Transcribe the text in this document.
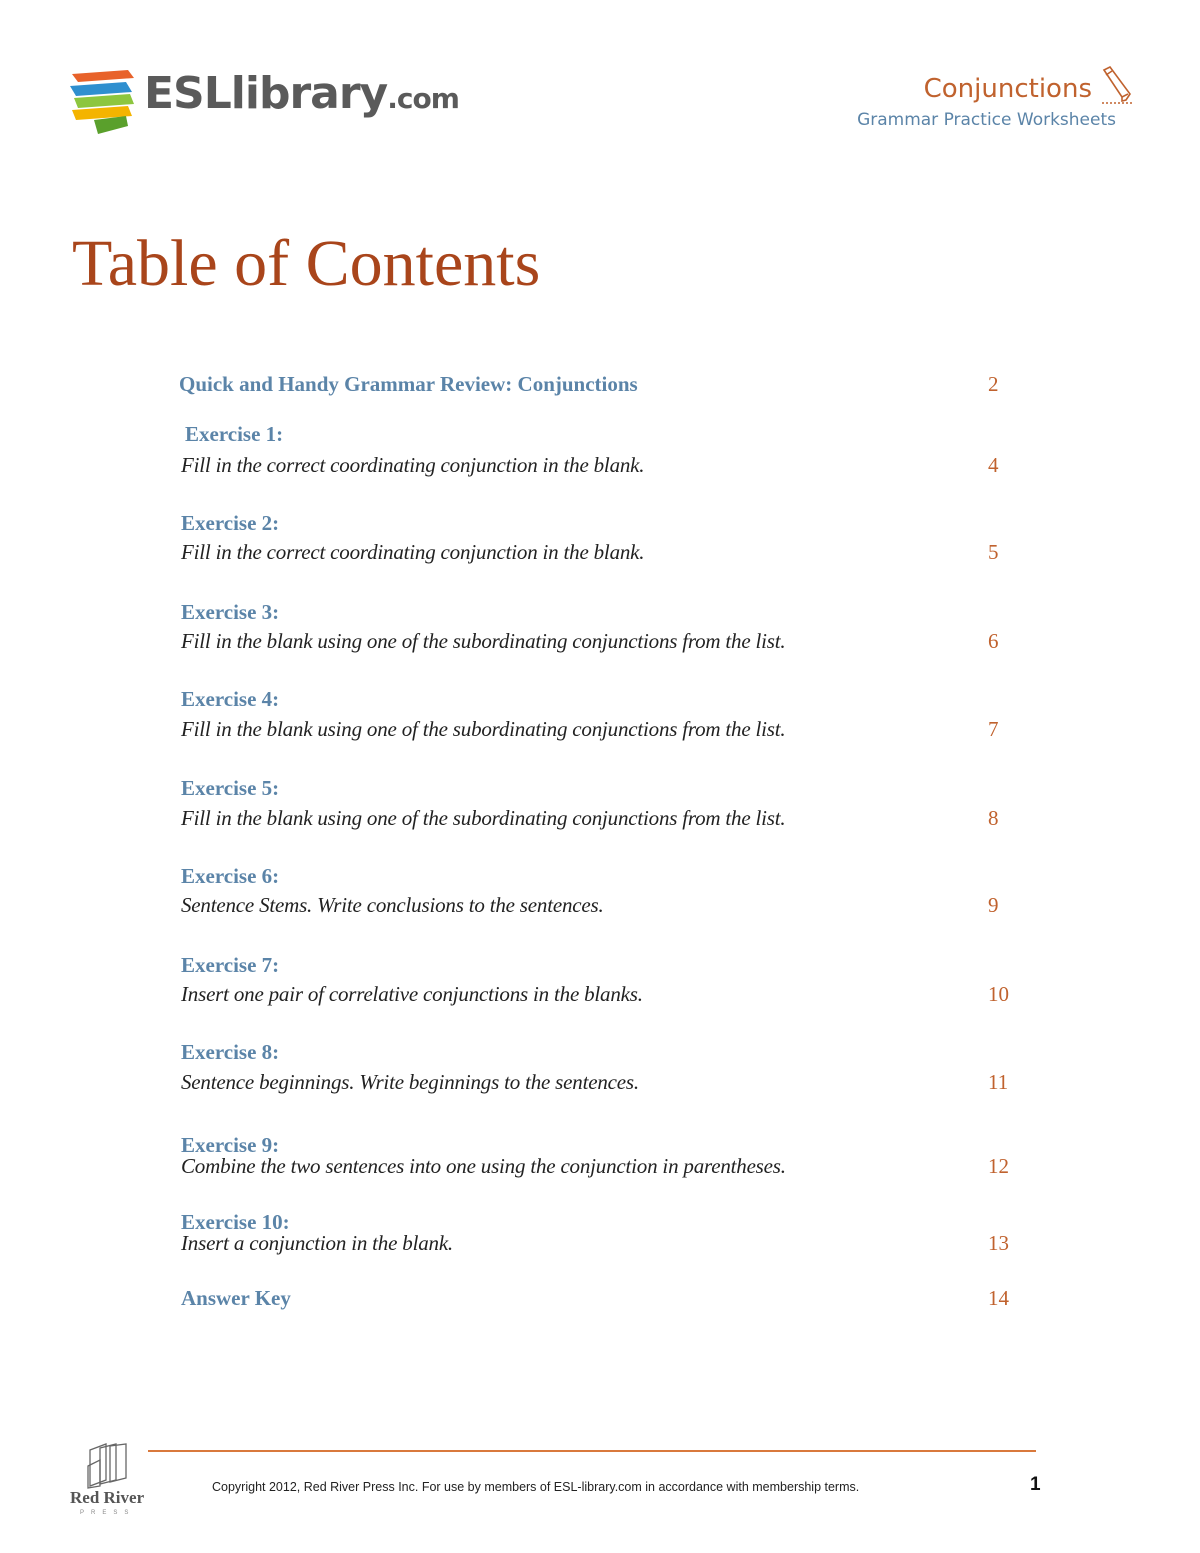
ESLlibrary.com	Conjunctions
Grammar Practice Worksheets
Table of Contents
Quick and Handy Grammar Review: Conjunctions	2
Exercise 1:
Fill in the correct coordinating conjunction in the blank.	4
Exercise 2:
Fill in the correct coordinating conjunction in the blank.	5
Exercise 3:
Fill in the blank using one of the subordinating conjunctions from the list.	6
Exercise 4:
Fill in the blank using one of the subordinating conjunctions from the list.	7
Exercise 5:
Fill in the blank using one of the subordinating conjunctions from the list.	8
Exercise 6:
Sentence Stems. Write conclusions to the sentences.	9
Exercise 7:
Insert one pair of correlative conjunctions in the blanks.	10
Exercise 8:
Sentence beginnings. Write beginnings to the sentences.	11
Exercise 9:
Combine the two sentences into one using the conjunction in parentheses.	12
Exercise 10:
Insert a conjunction in the blank.	13
Answer Key	14
Red River
PRESS
Copyright 2012, Red River Press Inc. For use by members of ESL-library.com in accordance with membership terms.	1
